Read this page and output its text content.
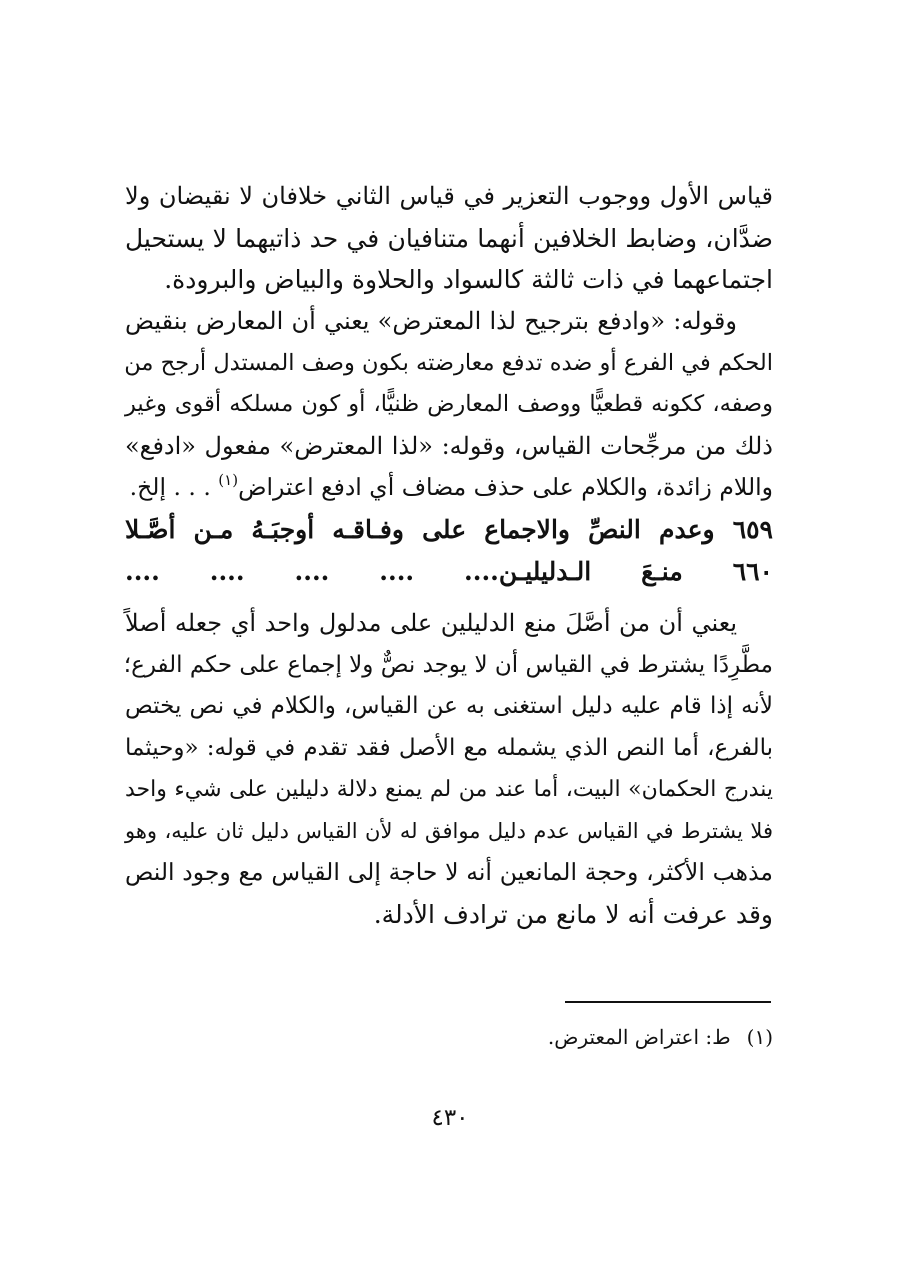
قياس الأول ووجوب التعزير في قياس الثاني خلافان لا نقيضان ولا
ضدَّان، وضابط الخلافين أنهما متنافيان في حد ذاتيهما لا يستحيل
اجتماعهما في ذات ثالثة كالسواد والحلاوة والبياض والبرودة.
وقوله: «وادفع بترجيح لذا المعترض» يعني أن المعارض بنقيض
الحكم في الفرع أو ضده تدفع معارضته بكون وصف المستدل أرجح من
وصفه، ككونه قطعيًّا ووصف المعارض ظنيًّا، أو كون مسلكه أقوى وغير
ذلك من مرجِّحات القياس، وقوله: «لذا المعترض» مفعول «ادفع»
واللام زائدة، والكلام على حذف مضاف أي ادفع اعتراض$^{(١)}$ . . . إلخ.
٦٥٩ وعدم النصِّ والاجماع على وفـاقـه أوجبَـهُ مـن أصَّـلا
٦٦٠ منـعَ الـدليليـن.... .... .... .... ....
يعني أن من أصَّلَ منع الدليلين على مدلول واحد أي جعله أصلاً
مطَّرِدًا يشترط في القياس أن لا يوجد نصٌّ ولا إجماع على حكم الفرع؛
لأنه إذا قام عليه دليل استغنى به عن القياس، والكلام في نص يختص
بالفرع، أما النص الذي يشمله مع الأصل فقد تقدم في قوله: «وحيثما
يندرج الحكمان» البيت، أما عند من لم يمنع دلالة دليلين على شيء واحد
فلا يشترط في القياس عدم دليل موافق له لأن القياس دليل ثان عليه، وهو
مذهب الأكثر، وحجة المانعين أنه لا حاجة إلى القياس مع وجود النص
وقد عرفت أنه لا مانع من ترادف الأدلة.
(١)ط: اعتراض المعترض.
٤٣٠
